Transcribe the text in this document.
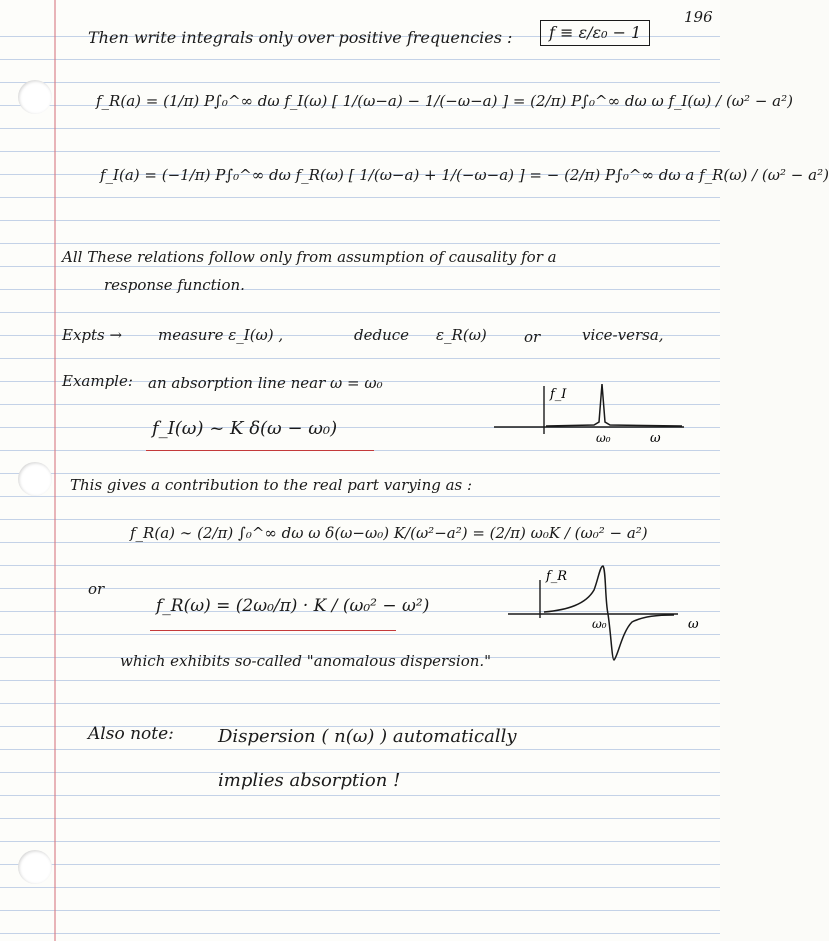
196
Then write integrals only over positive frequencies :	f ≡ ε/ε₀ − 1
f_R(a) = (1/π) P∫₀^∞ dω f_I(ω) [ 1/(ω−a) − 1/(−ω−a) ] = (2/π) P∫₀^∞ dω ω f_I(ω) / (ω² − a²)
f_I(a) = (−1/π) P∫₀^∞ dω f_R(ω) [ 1/(ω−a) + 1/(−ω−a) ] = − (2/π) P∫₀^∞ dω a f_R(ω) / (ω² − a²)
All These relations follow only from assumption of causality for a
response function.
Expts → measure ε_I(ω) ,	deduce ε_R(ω) or	vice-versa,
Example: an absorption line near ω = ω₀
f_I(ω) ~ K δ(ω − ω₀)
f_I
ω₀	ω
This gives a contribution to the real part varying as :
f_R(a) ∼ (2/π) ∫₀^∞ dω ω δ(ω−ω₀) K/(ω²−a²) = (2/π) ω₀K / (ω₀² − a²)
or
f_R(ω) = (2ω₀/π) · K / (ω₀² − ω²)
f_R
ω₀	ω
which exhibits so-called "anomalous dispersion."
Also note: Dispersion ( n(ω) ) automatically
implies absorption !
